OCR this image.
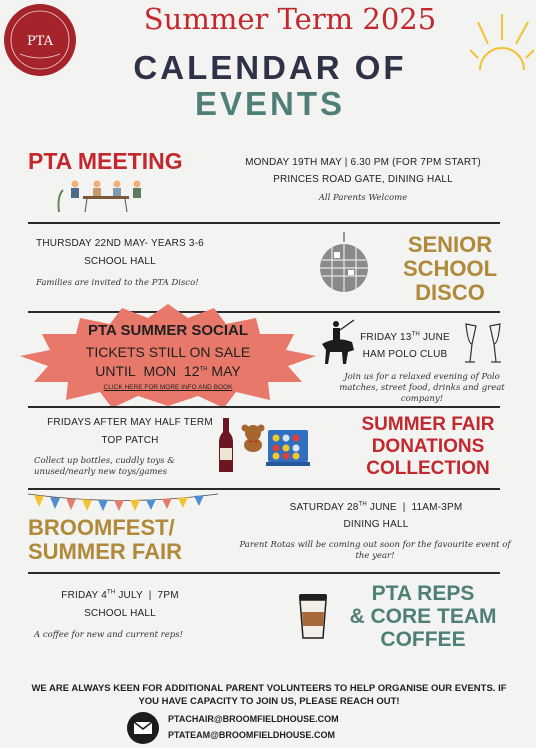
PTA
Summer Term 2025
CALENDAR OF
EVENTS
PTA MEETING	MONDAY 19TH MAY | 6.30 PM (FOR 7PM START)
PRINCES ROAD GATE, DINING HALL
All Parents Welcome
THURSDAY 22ND MAY- YEARS 3-6
SCHOOL HALL
Families are invited to the PTA Disco!
SENIOR
SCHOOL
DISCO
PTA SUMMER SOCIAL
TICKETS STILL ON SALE
UNTIL  MON  12TH MAY
CLICK HERE FOR MORE INFO AND BOOK
FRIDAY 13TH JUNE
HAM POLO CLUB
Join us for a relaxed evening of Polo matches, street food, drinks and great company!
FRIDAYS AFTER MAY HALF TERM
TOP PATCH
Collect up bottles, cuddly toys & unused/nearly new toys/games
SUMMER FAIR
DONATIONS
COLLECTION
BROOMFEST/
SUMMER FAIR
SATURDAY 28TH JUNE  |  11AM-3PM
DINING HALL
Parent Rotas will be coming out soon for the favourite event of the year!
FRIDAY 4TH JULY  |  7PM
SCHOOL HALL
A coffee for new and current reps!
PTA REPS
& CORE TEAM
COFFEE
WE ARE ALWAYS KEEN FOR ADDITIONAL PARENT VOLUNTEERS TO HELP ORGANISE OUR EVENTS. IF YOU HAVE CAPACITY TO JOIN US, PLEASE REACH OUT!
PTACHAIR@BROOMFIELDHOUSE.COM
PTATEAM@BROOMFIELDHOUSE.COM
